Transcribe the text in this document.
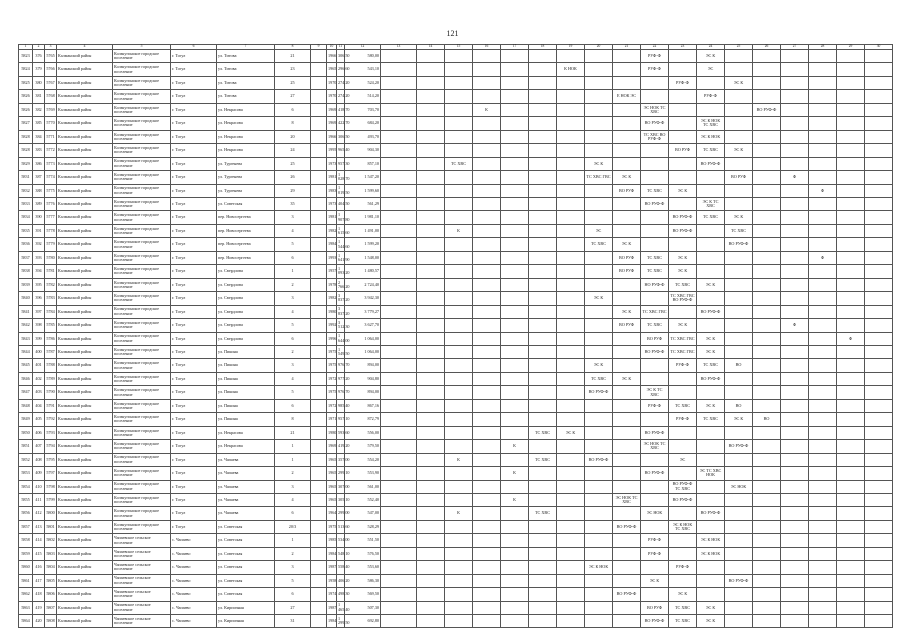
121
1	2	3	4	5	6	7	8	9	10	11	12	13	14	15	16	17	18	19	20	21	22	23	24	25	26	27	28	29	30	
5823	376	5765	Калманский район	Кольчугинское городское поселение	г. Тогул	ул. Титова	21		1966	306,50	580,00										РУФ-Ф		ЭС К							
5824	379	5766	Калманский район	Кольчугинское городское поселение	г. Тогул	ул. Титова	23		1965	296,60	543,10							К НОК			РУФ-Ф		ЭС							
5825	380	5767	Калманский район	Кольчугинское городское поселение	г. Тогул	ул. Титова	25		1970	274,20	524,20											РУФ-Ф		ЭС К						
5826	381	5768	Калманский район	Кольчугинское городское поселение	г. Тогул	ул. Титова	27		1970	274,20	514,20									Е НОК ЭС			РУФ-Ф							
5826	382	5769	Калманский район	Кольчугинское городское поселение	г. Тогул	ул. Некрасова	6		1969	418,70	703,70				К						ЭС НОК ТС ХВС				ВО РУФ-Ф					
5827	385	5770	Калманский район	Кольчугинское городское поселение	г. Тогул	ул. Некрасова	8		1969	422,70	684,20										ВО РУФ-Ф		ЭС К НОК ТС ХВС							
5828	384	5771	Калманский район	Кольчугинское городское поселение	г. Тогул	ул. Некрасова	20		1966	306,50	493,70										ТС ХВС ВО РУФ-Ф		ЭС К НОК							
5828	383	5772	Калманский район	Кольчугинское городское поселение	г. Тогул	ул. Некрасова	24		1995	965,40	904,30											ВО РУФ	ТС ХВС	ЭС К						
5829	386	5773	Калманский район	Кольчугинское городское поселение	г. Тогул	ул. Тургенева	25		1973	957,30	857,10			ТС ХВС					ЭС К				ВО РУФ-Ф							
5831	387	5774	Калманский район	Кольчугинское городское поселение	г. Тогул	ул. Тургенева	26		1981	1 028,70	1 547,20								ТС ХВС ГВС	ЭС К				ВО РУФ		Ф				
5832	388	5775	Калманский район	Кольчугинское городское поселение	г. Тогул	ул. Тургенева	29		1983	1 019,50	1 599,60									ВО РУФ	ТС ХВС	ЭС К					Ф			
5833	389	5776	Калманский район	Кольчугинское городское поселение	г. Тогул	ул. Советская	35		1973	404,50	561,29										ВО РУФ-Ф		ЭС К ТС ХВС							
5834	390	5777	Калманский район	Кольчугинское городское поселение	г. Тогул	пер. Новосергеева	3		1981	1 907,80	1 981,10											ВО РУФ-Ф	ТС ХВС	ЭС К						
5835	391	5778	Калманский район	Кольчугинское городское поселение	г. Тогул	пер. Новосергеева	4		1982	1 615,60	1 491,00			К					ЭС			ВО РУФ-Ф		ТС ХВС						
5836	392	5779	Калманский район	Кольчугинское городское поселение	г. Тогул	пер. Новосергеева	5		1984	1 544,60	1 599,20								ТС ХВС	ЭС К				ВО РУФ-Ф						
5837	393	5780	Калманский район	Кольчугинское городское поселение	г. Тогул	пер. Новосергеева	6		1993	1 641,90	1 548,00									ВО РУФ	ТС ХВС	ЭС К					Ф			
5838	394	5781	Калманский район	Кольчугинское городское поселение	г. Тогул	ул. Свердлова	1		1957	1 093,20	1 480,57									ВО РУФ	ТС ХВС	ЭС К								
5839	395	5782	Калманский район	Кольчугинское городское поселение	г. Тогул	ул. Свердлова	2		1978	2 766,20	2 724,40										НО РУФ-Ф	ТС ХВС	ЭС К							
5840	396	5783	Калманский район	Кольчугинское городское поселение	г. Тогул	ул. Свердлова	3		1982	3 837,20	3 942,30								ЭС К			ТС ХВС ГВС ВО РУФ-Ф								
5841	397	5784	Калманский район	Кольчугинское городское поселение	г. Тогул	ул. Свердлова	4		1980	3 837,20	3 779,27									ЭС К	ТС ХВС ГВС		ВО РУФ-Ф							
5842	398	5785	Калманский район	Кольчугинское городское поселение	г. Тогул	ул. Свердлова	5		1992	3 512,30	3 627,70									ВО РУФ	ТС ХВС	ЭС К				Ф				
5843	399	5786	Калманский район	Кольчугинское городское поселение	г. Тогул	ул. Свердлова	6		1996	1 644,00	1 064,00										ВО РУФ	ТС ХВС ГВС	ЭС К					Ф		
5844	400	5787	Калманский район	Кольчугинское городское поселение	г. Тогул	ул. Пикина	2		1975	1 549,50	1 064,00										ВО РУФ-Ф	ТС ХВС ГВС	ЭС К							
5845	401	5788	Калманский район	Кольчугинское городское поселение	г. Тогул	ул. Пикина	3		1975	976,70	894,00								ЭС К			РУФ-Ф	ТС ХВС	ВО						
5846	402	5789	Калманский район	Кольчугинское городское поселение	г. Тогул	ул. Пикина	4		1972	977,20	904,80								ТС ХВС	ЭС К			ВО РУФ-Ф							
5847	403	5790	Калманский район	Кольчугинское городское поселение	г. Тогул	ул. Пикина	5		1975	976,70	894,00								ВО РУФ-Ф		ЭС К ТС ХВС									
5848	404	5791	Калманский район	Кольчугинское городское поселение	г. Тогул	ул. Пикина	6		1972	985,40	867,16										РУФ-Ф	ТС ХВС	ЭС К	ВО						
5849	405	5792	Калманский район	Кольчугинское городское поселение	г. Тогул	ул. Пикина	8		1971	957,10	872,79											РУФ-Ф	ТС ХВС	ЭС К	ВО					
5850	406	5793	Калманский район	Кольчугинское городское поселение	г. Тогул	ул. Некрасова	21		1980	593,60	556,00						ТС ХВС	ЭС К			ВО РУФ-Ф									
5851	407	5794	Калманский район	Кольчугинское городское поселение	г. Тогул	ул. Некрасова	1		1969	419,20	579,50					К					ЭС НОК ТС ХВС			ВО РУФ-Ф						
5852	408	5795	Калманский район	Кольчугинское городское поселение	г. Тогул	ул. Чапаева	1		1965	357,00	554,20			К			ТС ХВС		ВО РУФ-Ф			ЭС								
5853	409	5797	Калманский район	Кольчугинское городское поселение	г. Тогул	ул. Чапаева	2		1965	299,10	553,90					К					ВО РУФ-Ф		ЭС ТС ХВС НОК							
5854	410	5798	Калманский район	Кольчугинское городское поселение	г. Тогул	ул. Чапаева	3		1965	307,00	561,00											ВО РУФ-Ф ТС ХВС		ЭС НОК						
5855	411	5799	Калманский район	Кольчугинское городское поселение	г. Тогул	ул. Чапаева	4		1965	305,10	552,40					К				ЭС НОК ТС ХВС		ВО РУФ-Ф								
5856	412	5800	Калманский район	Кольчугинское городское поселение	г. Тогул	ул. Чапаева	6		1964	299,00	547,00			К			ТС ХВС				ЭС НОК		ВО РУФ-Ф							
5857	413	5801	Калманский район	Кольчугинское городское поселение	г. Тогул	ул. Советская	20/3		1975	513,60	528,29									ВО РУФ-Ф		ЭС К НОК ТС ХВС								
5858	414	5802	Калманский район	Чапаевское сельское поселение	с. Чапаево	ул. Советская	1		1985	534,00	551,50										РУФ-Ф		ЭС К НОК							
5859	415	5803	Калманский район	Чапаевское сельское поселение	с. Чапаево	ул. Советская	2		1984	548,10	576,50										РУФ-Ф		ЭС К НОК							
5860	416	5804	Калманский район	Чапаевское сельское поселение	с. Чапаево	ул. Советская	3		1987	558,40	553,60								ЭС К НОК			РУФ-Ф								
5861	417	5805	Калманский район	Чапаевское сельское поселение	с. Чапаево	ул. Советская	5		1958	406,20	586,30										ЭС К			ВО РУФ-Ф						
5862	418	5806	Калманский район	Чапаевское сельское поселение	с. Чапаево	ул. Советская	6		1974	498,30	569,50									ВО РУФ-Ф		ЭС К								
5863	419	5807	Калманский район	Чапаевское сельское поселение	с. Чапаево	ул. Кирпичная	27		1987	1 465,40	507,30										ВО РУФ	ТС ХВС	ЭС К							
5864	420	5808	Калманский район	Чапаевское сельское поселение	с. Чапаево	ул. Кирпичная	31		1984	1 299,50	692,80										ВО РУФ-Ф	ТС ХВС	ЭС К							
